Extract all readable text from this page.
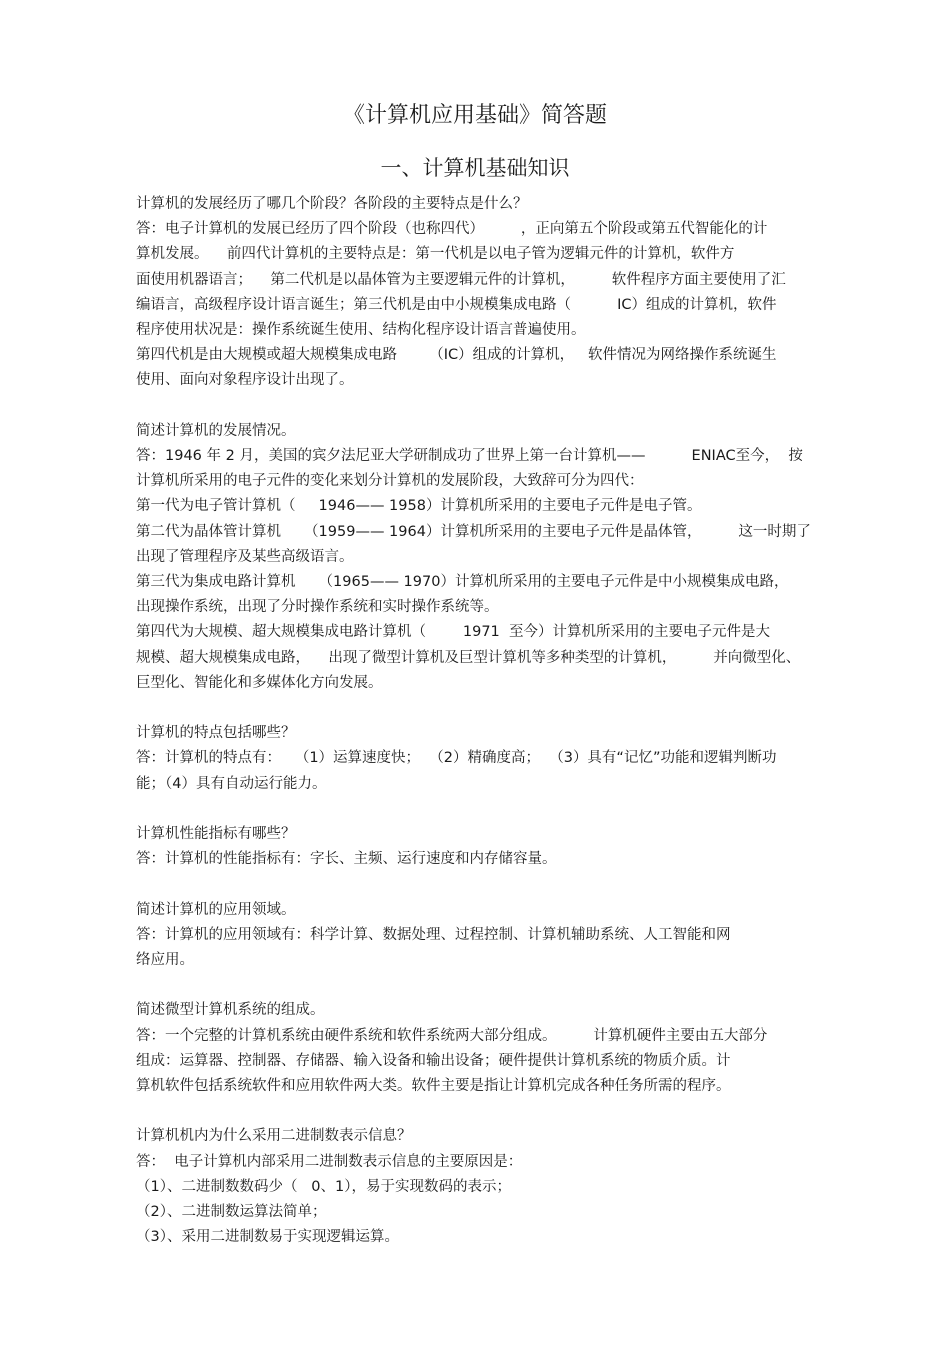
《计算机应用基础》简答题
一、计算机基础知识
计算机的发展经历了哪几个阶段？各阶段的主要特点是什么？
答：电子计算机的发展已经历了四个阶段（也称四代）        ，正向第五个阶段或第五代智能化的计
算机发展。    前四代计算机的主要特点是：第一代机是以电子管为逻辑元件的计算机，软件方
面使用机器语言；    第二代机是以晶体管为主要逻辑元件的计算机，        软件程序方面主要使用了汇
编语言，高级程序设计语言诞生；第三代机是由中小规模集成电路（          IC）组成的计算机，软件
程序使用状况是：操作系统诞生使用、结构化程序设计语言普遍使用。
第四代机是由大规模或超大规模集成电路       （IC）组成的计算机，   软件情况为网络操作系统诞生
使用、面向对象程序设计出现了。
简述计算机的发展情况。
答：1946 年 2 月，美国的宾夕法尼亚大学研制成功了世界上第一台计算机——          ENIAC至今，  按
计算机所采用的电子元件的变化来划分计算机的发展阶段，大致辞可分为四代：
第一代为电子管计算机（     1946—— 1958）计算机所采用的主要电子元件是电子管。
第二代为晶体管计算机     （1959—— 1964）计算机所采用的主要电子元件是晶体管，        这一时期了
出现了管理程序及某些高级语言。
第三代为集成电路计算机     （1965—— 1970）计算机所采用的主要电子元件是中小规模集成电路，
出现操作系统，出现了分时操作系统和实时操作系统等。
第四代为大规模、超大规模集成电路计算机（        1971  至今）计算机所采用的主要电子元件是大
规模、超大规模集成电路，    出现了微型计算机及巨型计算机等多种类型的计算机，        并向微型化、
巨型化、智能化和多媒体化方向发展。
计算机的特点包括哪些？
答：计算机的特点有：   （1）运算速度快；  （2）精确度高；  （3）具有“记忆”功能和逻辑判断功
能；（4）具有自动运行能力。
计算机性能指标有哪些？
答：计算机的性能指标有：字长、主频、运行速度和内存储容量。
简述计算机的应用领域。
答：计算机的应用领域有：科学计算、数据处理、过程控制、计算机辅助系统、人工智能和网
络应用。
简述微型计算机系统的组成。
答：一个完整的计算机系统由硬件系统和软件系统两大部分组成。        计算机硬件主要由五大部分
组成：运算器、控制器、存储器、输入设备和输出设备；硬件提供计算机系统的物质介质。计
算机软件包括系统软件和应用软件两大类。软件主要是指让计算机完成各种任务所需的程序。
计算机机内为什么采用二进制数表示信息？
答：  电子计算机内部采用二进制数表示信息的主要原因是：
（1）、二进制数数码少（   0、1），易于实现数码的表示；
（2）、二进制数运算法简单；
（3）、采用二进制数易于实现逻辑运算。
